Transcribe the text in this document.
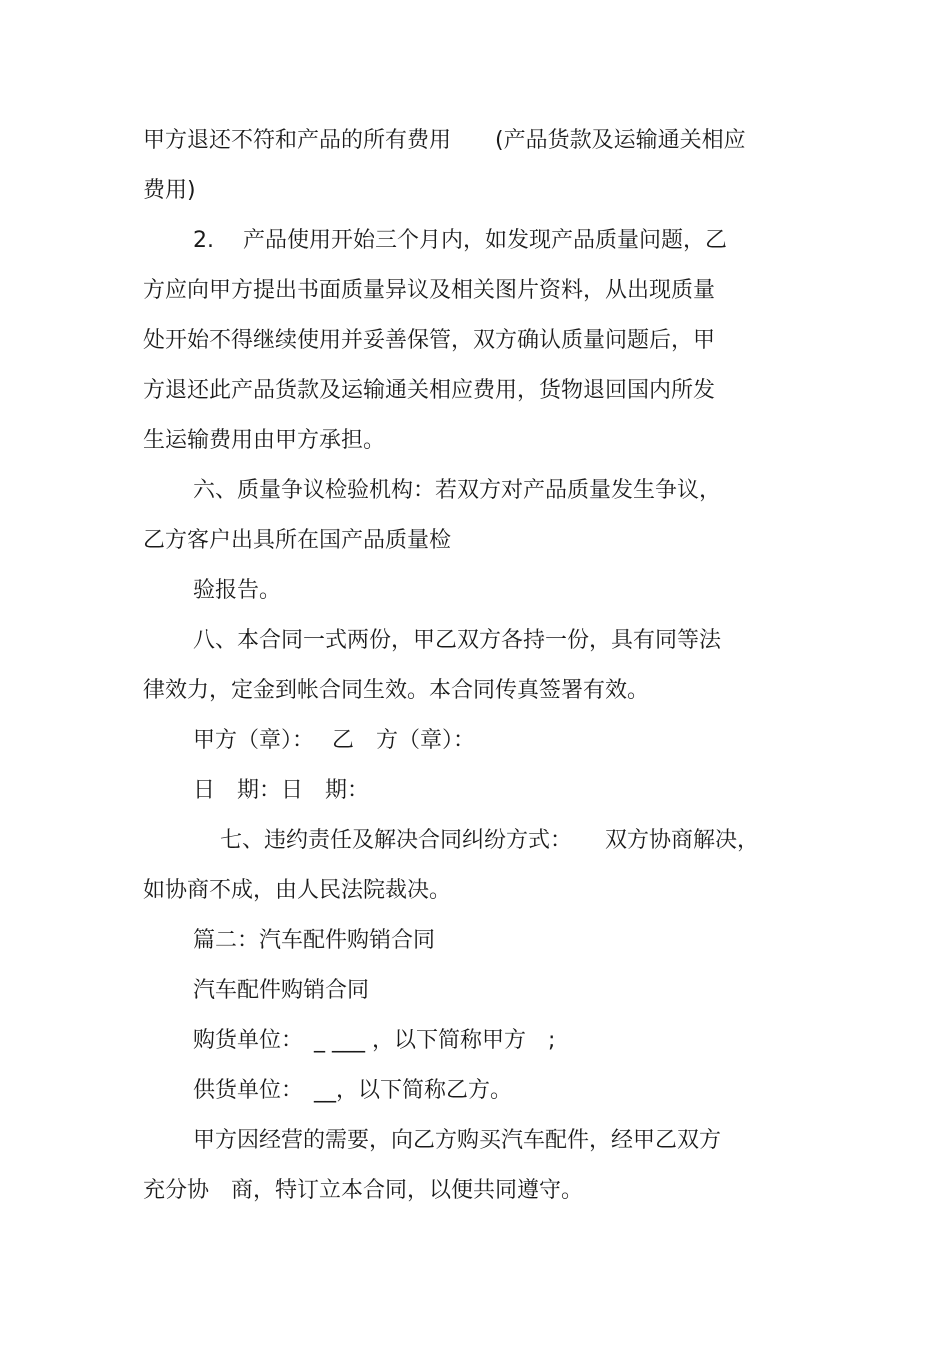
甲方退还不符和产品的所有费用　　(产品货款及运输通关相应
费用)
2.　 产品使用开始三个月内，如发现产品质量问题，乙
方应向甲方提出书面质量异议及相关图片资料，从出现质量
处开始不得继续使用并妥善保管，双方确认质量问题后，甲
方退还此产品货款及运输通关相应费用，货物退回国内所发
生运输费用由甲方承担。
六、质量争议检验机构：若双方对产品质量发生争议，
乙方客户出具所在国产品质量检
验报告。
八、本合同一式两份，甲乙双方各持一份，具有同等法
律效力，定金到帐合同生效。本合同传真签署有效。
甲方（章）：　 乙　方（章）：
日　期：日　期：
七、违约责任及解决合同纠纷方式：　　双方协商解决，
如协商不成，由人民法院裁决。
篇二：汽车配件购销合同
汽车配件购销合同
购货单位：　_ ___ ，以下简称甲方　;
供货单位：　__，以下简称乙方。
甲方因经营的需要，向乙方购买汽车配件，经甲乙双方
充分协　商，特订立本合同，以便共同遵守。
